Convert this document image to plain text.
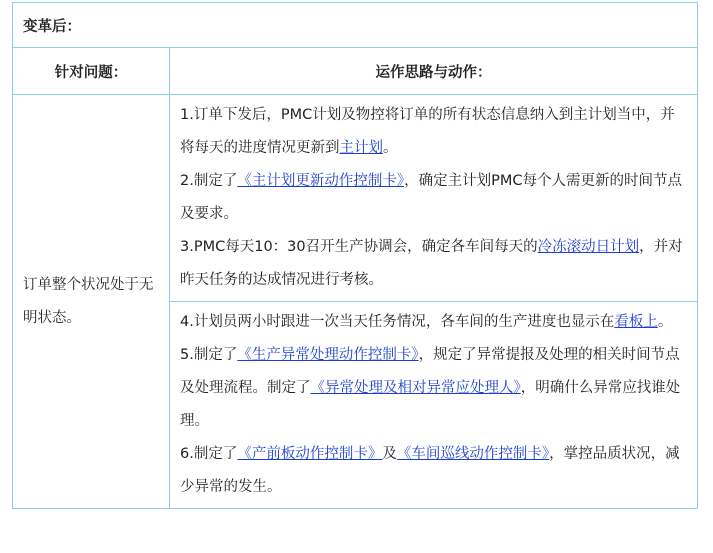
变革后：	
针对问题：	运作思路与动作：
订单整个状况处于无明状态。	1.订单下发后，PMC计划及物控将订单的所有状态信息纳入到主计划当中，并将每天的进度情况更新到主计划。

2.制定了《主计划更新动作控制卡》，确定主计划PMC每个人需更新的时间节点及要求。

3.PMC每天10：30召开生产协调会，确定各车间每天的冷冻滚动日计划，并对昨天任务的达成情况进行考核。

	4.计划员两小时跟进一次当天任务情况，各车间的生产进度也显示在看板上。

5.制定了《生产异常处理动作控制卡》，规定了异常提报及处理的相关时间节点及处理流程。制定了《异常处理及相对异常应处理人》，明确什么异常应找谁处理。

6.制定了《产前板动作控制卡》及《车间巡线动作控制卡》，掌控品质状况，减少异常的发生。
